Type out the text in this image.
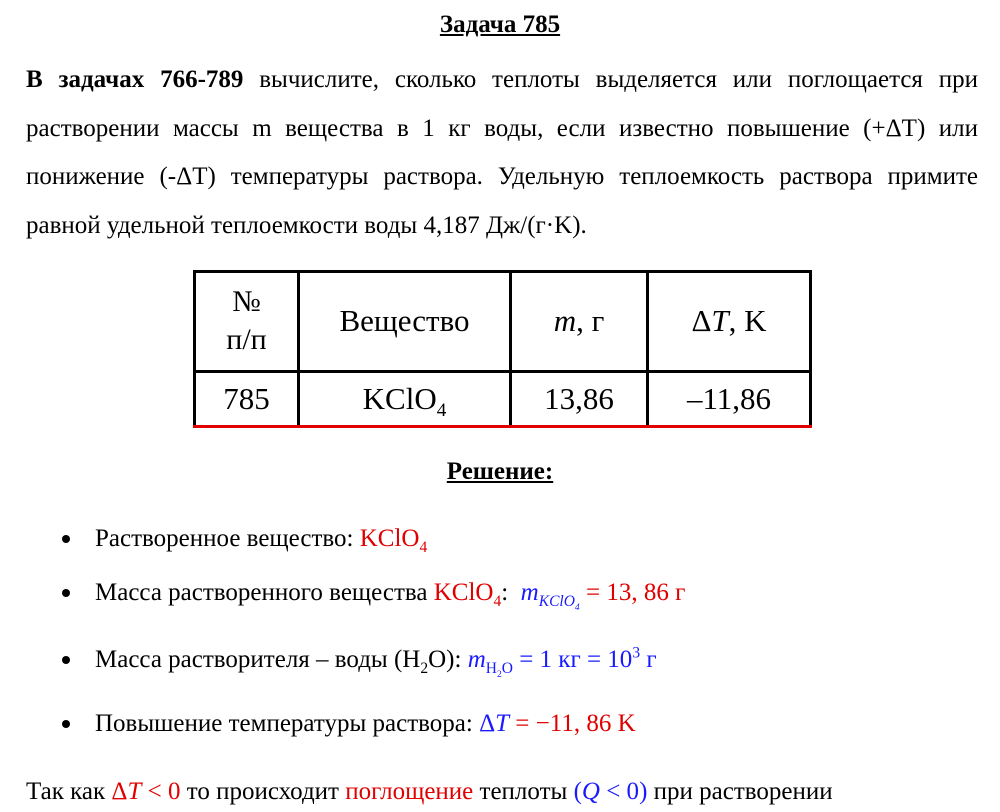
Задача 785
В задачах 766-789 вычислите, сколько теплоты выделяется или поглощается при растворении массы m вещества в 1 кг воды, если известно повышение (+ΔT) или понижение (-ΔT) температуры раствора. Удельную теплоемкость раствора примите равной удельной теплоемкости воды 4,187 Дж/(г·K).
№
п/п	Вещество	m, г	ΔT, K
785	KClO$_4$	13,86	–11,86
Решение:
Растворенное вещество: KClO$_4$
Масса растворенного вещества KClO$_4$: $m_{KClO_4} = 13$, 86 г
Масса растворителя – воды $(H_2O)$: $m_{H_2O} = 1$ кг = $10^3$ г
Повышение температуры раствора: ΔT = −11, 86 K
Так как ΔT < 0 то происходит поглощение теплоты (Q < 0) при растворении
